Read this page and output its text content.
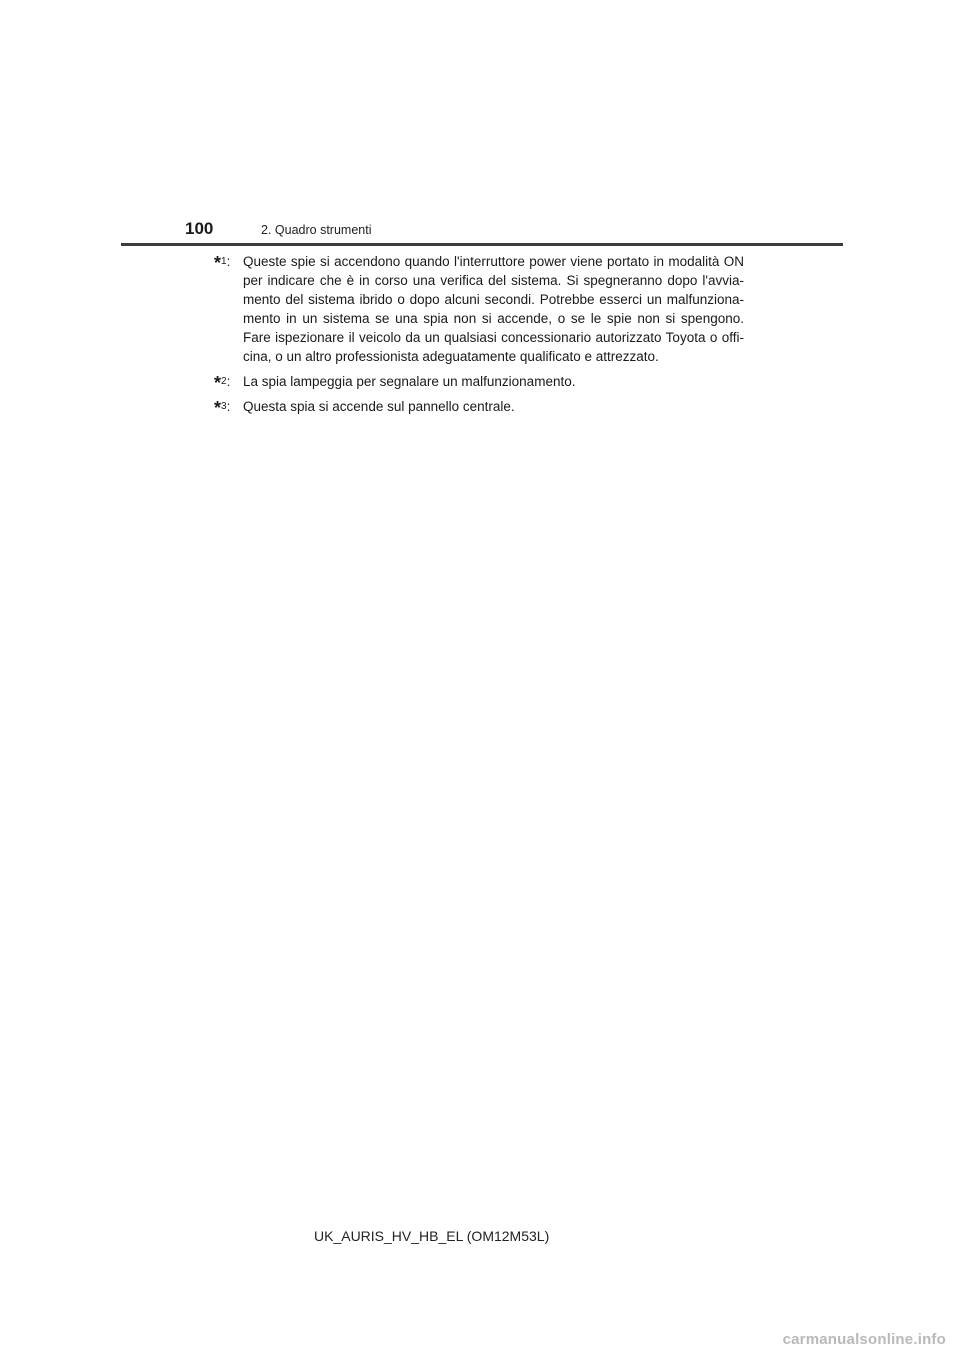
100	2. Quadro strumenti
*$^1$: Queste spie si accendono quando l'interruttore power viene portato in modalità ON per indicare che è in corso una verifica del sistema. Si spegneranno dopo l'avvia-mento del sistema ibrido o dopo alcuni secondi. Potrebbe esserci un malfunziona-mento in un sistema se una spia non si accende, o se le spie non si spengono. Fare ispezionare il veicolo da un qualsiasi concessionario autorizzato Toyota o offi-cina, o un altro professionista adeguatamente qualificato e attrezzato.
*$^2$: La spia lampeggia per segnalare un malfunzionamento.
*$^3$: Questa spia si accende sul pannello centrale.
UK_AURIS_HV_HB_EL (OM12M53L)
carmanualsonline.info
